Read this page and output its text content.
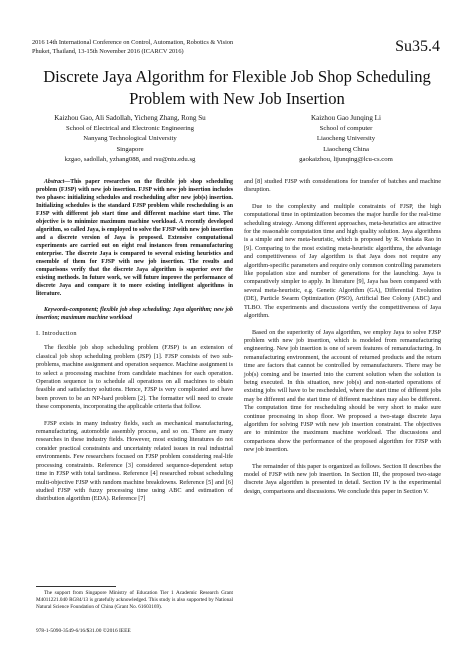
2016 14th International Conference on Control, Automation, Robotics & Vision
Phuket, Thailand, 13-15th November 2016 (ICARCV 2016)	Su35.4
Discrete Jaya Algorithm for Flexible Job Shop Scheduling Problem with New Job Insertion
Kaizhou Gao, Ali Sadollah, Yicheng Zhang, Rong Su
School of Electrical and Electronic Engineering
Nanyang Technological University
Singapore
kzgao, sadollah, yzhang088, and rsu@ntu.edu.sg
Kaizhou Gao Junqing Li
School of computer
Liaocheng University
Liaocheng China
gaokaizhou, lijunqing@lcu-cs.com

Abstract—This paper researches on the flexible job shop scheduling problem (FJSP) with new job insertion. FJSP with new job insertion includes two phases: initializing schedules and rescheduling after new job(s) insertion. Initializing schedules is the standard FJSP problem while rescheduling is an FJSP with different job start time and different machine start time. The objective is to minimize maximum machine workload. A recently developed algorithm, so called Jaya, is employed to solve the FJSP with new job insertion and a discrete version of Jaya is proposed. Extensive computational experiments are carried out on eight real instances from remanufacturing enterprise. The discrete Jaya is compared to several existing heuristics and ensemble of them for FJSP with new job insertion. The results and comparisons verify that the discrete Jaya algorithm is superior over the existing methods. In future work, we will future improve the performance of discrete Jaya and compare it to more existing intelligent algorithms in literature.

Keywords-component; flexible job shop scheduling; Jaya algorithm; new job insertion; maximum machine workload

I. Introduction

The flexible job shop scheduling problem (FJSP) is an extension of classical job shop scheduling problem (JSP) [1]. FJSP consists of two sub-problems, machine assignment and operation sequence. Machine assignment is to select a processing machine from candidate machines for each operation. Operation sequence is to schedule all operations on all machines to obtain feasible and satisfactory solutions. Hence, FJSP is very complicated and have been proven to be an NP-hard problem [2]. The formatter will need to create these components, incorporating the applicable criteria that follow.

FJSP exists in many industry fields, such as mechanical manufacturing, remanufacturing, automobile assembly process, and so on. There are many researches in these industry fields. However, most existing literatures do not consider practical constraints and uncertainty related issues in real industrial environments. Few researchers focused on FJSP problem considering real-life processing constraints. Reference [3] considered sequence-dependent setup time in FJSP with total tardiness. Reference [4] researched robust scheduling multi-objective FJSP with random machine breakdowns. Reference [5] and [6] studied FJSP with fuzzy processing time using ABC and estimation of distribution algorithm (EDA). Reference [7]

and [8] studied FJSP with considerations for transfer of batches and machine disruption.

Due to the complexity and multiple constraints of FJSP, the high computational time in optimization becomes the major hurdle for the real-time scheduling strategy. Among different approaches, meta-heuristics are attractive for the reasonable computation time and high quality solution. Jaya algorithms is a simple and new meta-heuristic, which is proposed by R. Venkata Rao in [9]. Comparing to the most existing meta-heuristic algorithms, the advantage and competitiveness of Jay algorithm is that Jaya does not require any algorithm-specific parameters and require only common controlling parameters like population size and number of generations for the launching. Jaya is comparatively simpler to apply. In literature [9], Jaya has been compared with several meta-heuristic, e.g. Genetic Algorithm (GA), Differential Evolution (DE), Particle Swarm Optimization (PSO), Artificial Bee Colony (ABC) and TLBO. The experiments and discussions verify the competitiveness of Jaya algorithm.

Based on the superiority of Jaya algorithm, we employ Jaya to solve FJSP problem with new job insertion, which is modeled from remanufacturing engineering. New job insertion is one of seven features of remanufacturing. In remanufacturing environment, the account of returned products and the return time are factors that cannot be controlled by remanufacturers. There may be job(s) coming and be inserted into the current solution when the solution is being executed. In this situation, new job(s) and non-started operations of existing jobs will have to be rescheduled, where the start time of different jobs may be different and the start time of different machines may also be different. The computation time for rescheduling should be very short to make sure continue processing in shop floor. We proposed a two-stage discrete Jaya algorithm for solving FJSP with new job insertion constraint. The objectives are to minimize the maximum machine workload. The discussions and comparisons show the performance of the proposed algorithm for FJSP with new job insertion.

The remainder of this paper is organized as follows. Section II describes the model of FJSP with new job insertion. In Section III, the proposed two-stage discrete Jaya algorithm is presented in detail. Section IV is the experimental design, comparisons and discussions. We conclude this paper in Section V.

The support from Singapore Ministry of Education Tier 1 Academic Research Grant M4011221.040 RG84/13 is gratefully acknowledged. This study is also supported by National Natural Science Foundation of China (Grant No. 61603169).

978-1-5090-3549-6/16/$31.00 ©2016 IEEE
